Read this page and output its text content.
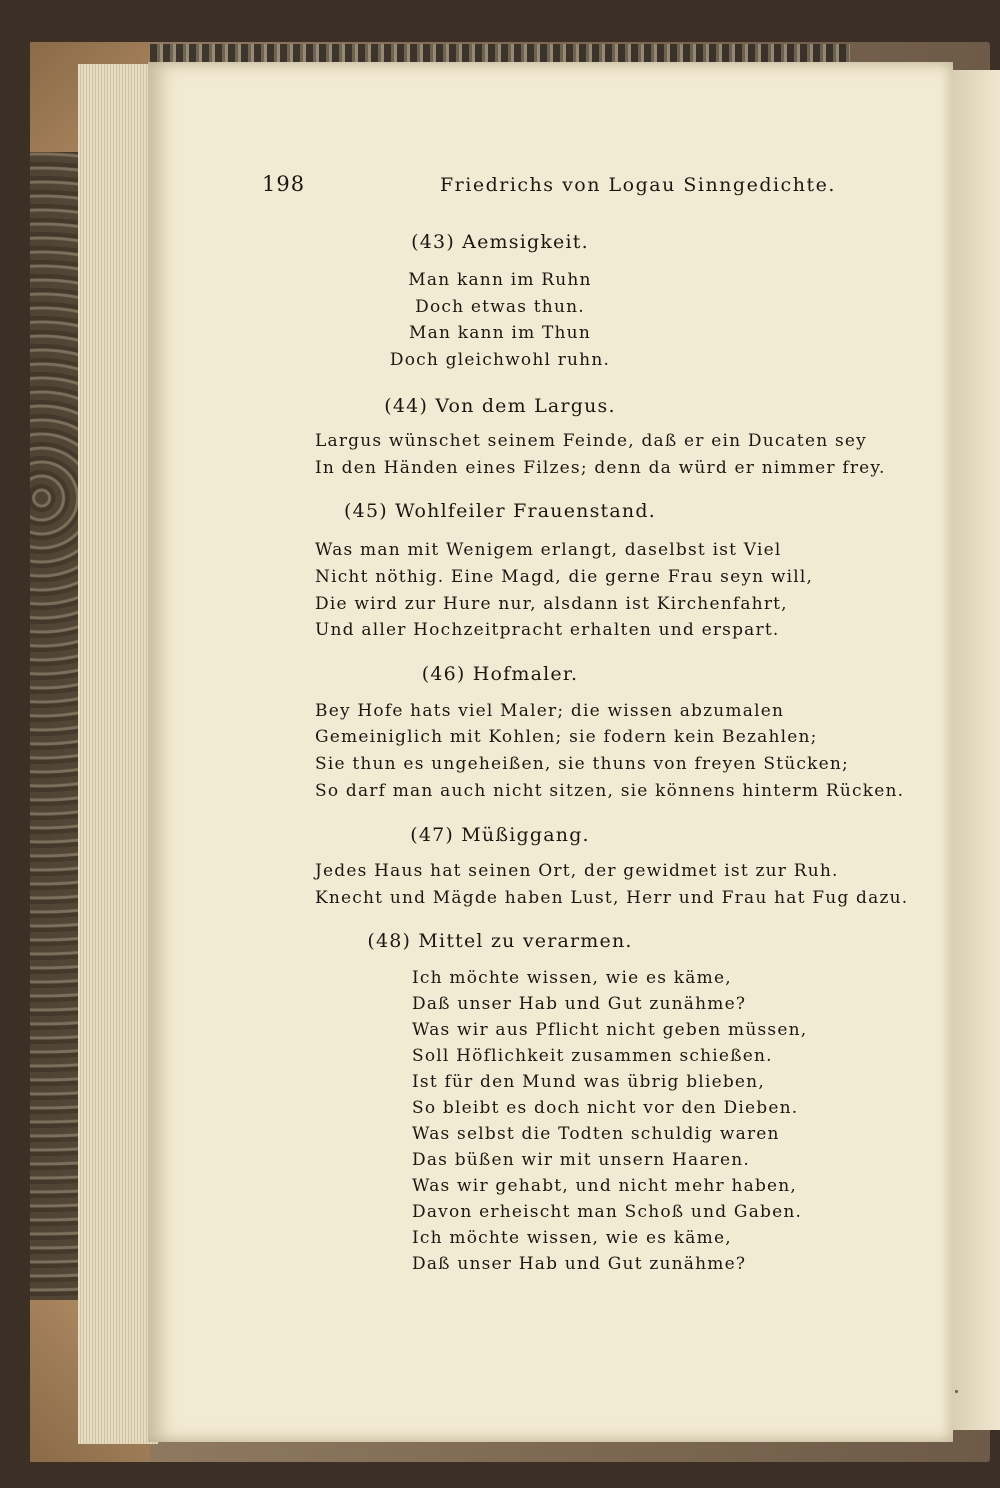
198	Friedrichs von Logau Sinngedichte.
(43) Aemsigkeit.
Man kann im Ruhn
Doch etwas thun.
Man kann im Thun
Doch gleichwohl ruhn.
(44) Von dem Largus.
Largus wünschet seinem Feinde, daß er ein Ducaten sey
In den Händen eines Filzes; denn da würd er nimmer frey.
(45) Wohlfeiler Frauenstand.
Was man mit Wenigem erlangt, daselbst ist Viel
Nicht nöthig. Eine Magd, die gerne Frau seyn will,
Die wird zur Hure nur, alsdann ist Kirchenfahrt,
Und aller Hochzeitpracht erhalten und erspart.
(46) Hofmaler.
Bey Hofe hats viel Maler; die wissen abzumalen
Gemeiniglich mit Kohlen; sie fodern kein Bezahlen;
Sie thun es ungeheißen, sie thuns von freyen Stücken;
So darf man auch nicht sitzen, sie könnens hinterm Rücken.
(47) Müßiggang.
Jedes Haus hat seinen Ort, der gewidmet ist zur Ruh.
Knecht und Mägde haben Lust, Herr und Frau hat Fug dazu.
(48) Mittel zu verarmen.
Ich möchte wissen, wie es käme,
Daß unser Hab und Gut zunähme?
Was wir aus Pflicht nicht geben müssen,
Soll Höflichkeit zusammen schießen.
Ist für den Mund was übrig blieben,
So bleibt es doch nicht vor den Dieben.
Was selbst die Todten schuldig waren
Das büßen wir mit unsern Haaren.
Was wir gehabt, und nicht mehr haben,
Davon erheischt man Schoß und Gaben.
Ich möchte wissen, wie es käme,
Daß unser Hab und Gut zunähme?
